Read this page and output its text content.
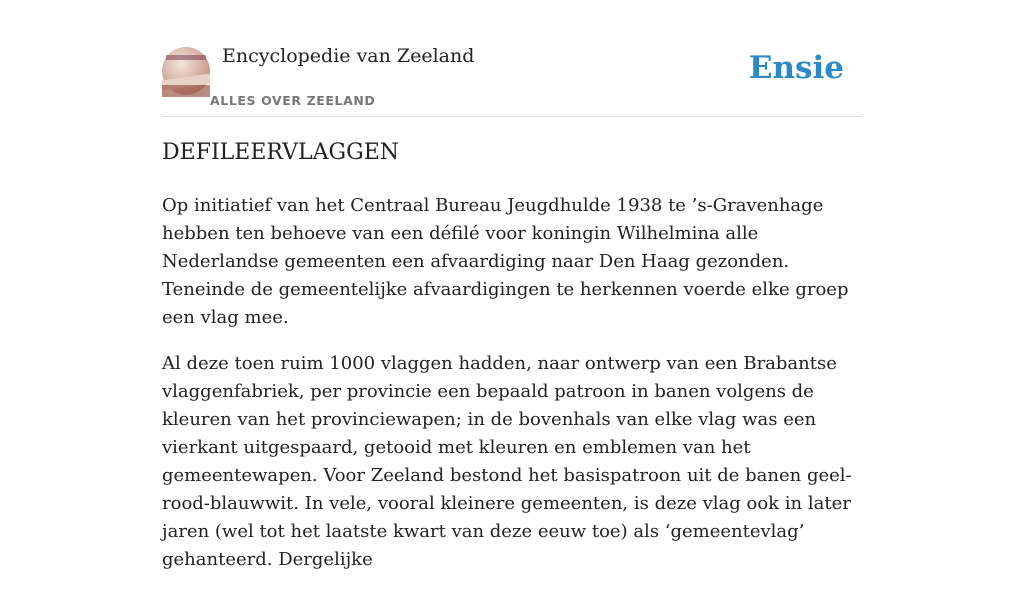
Encyclopedie van Zeeland
ALLES OVER ZEELAND
Ensie
DEFILEERVLAGGEN

Op initiatief van het Centraal Bureau Jeugdhulde 1938 te ’s-Gravenhage hebben ten behoeve van een défilé voor koningin Wilhelmina alle Nederlandse gemeenten een afvaardiging naar Den Haag gezonden. Teneinde de gemeentelijke afvaardigingen te herkennen voerde elke groep een vlag mee.

Al deze toen ruim 1000 vlaggen hadden, naar ontwerp van een Brabantse vlaggenfabriek, per provincie een bepaald patroon in banen volgens de kleuren van het provinciewapen; in de bovenhals van elke vlag was een vierkant uitgespaard, getooid met kleuren en emblemen van het gemeentewapen. Voor Zeeland bestond het basispatroon uit de banen geel-rood-blauwwit. In vele, vooral kleinere gemeenten, is deze vlag ook in later jaren (wel tot het laatste kwart van deze eeuw toe) als ‘gemeentevlag’ gehanteerd. Dergelijke
